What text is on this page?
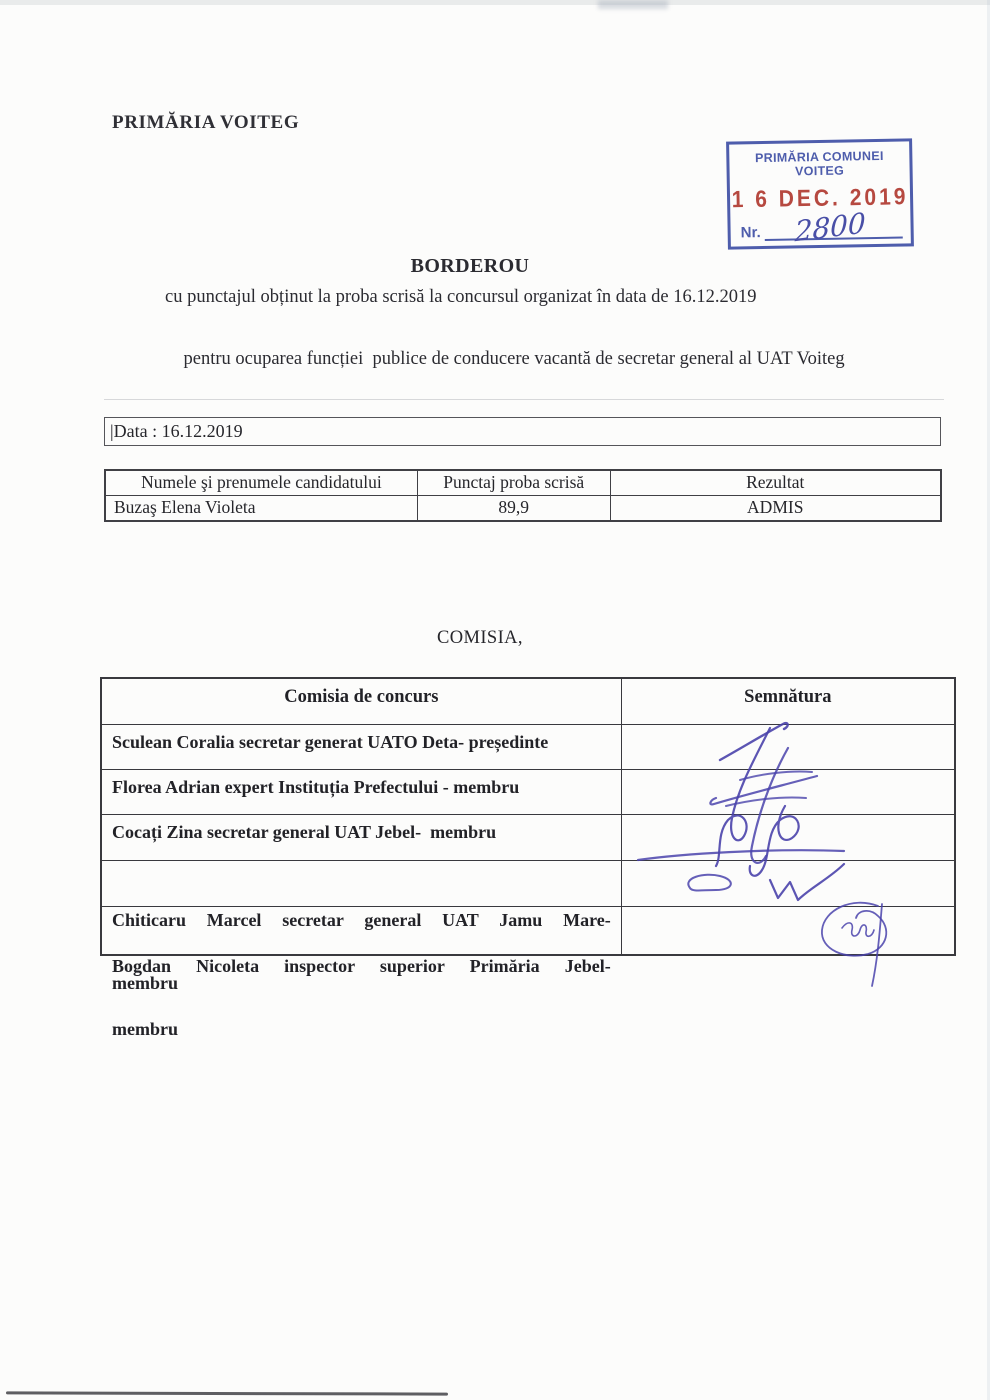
PRIMĂRIA VOITEG
PRIMĂRIA COMUNEI VOITEG
1 6 DEC. 2019
Nr. 2800
BORDEROU
cu punctajul obținut la proba scrisă la concursul organizat în data de 16.12.2019

pentru ocuparea funcției  publice de conducere vacantă de secretar general al UAT Voiteg

|Data : 16.12.2019
Numele şi prenumele candidatului	Punctaj proba scrisă	Rezultat
Buzaş Elena Violeta	89,9	ADMIS
COMISIA,
Comisia de concurs	Semnătura
Sculean Coralia secretar generat UATO Deta- președinte
Florea Adrian expert Instituția Prefectului - membru
Cocați Zina secretar general UAT Jebel-  membru

Chiticaru Marcel secretar general UAT Jamu Mare-

membru

Bogdan Nicoleta inspector superior Primăria Jebel-

membru
